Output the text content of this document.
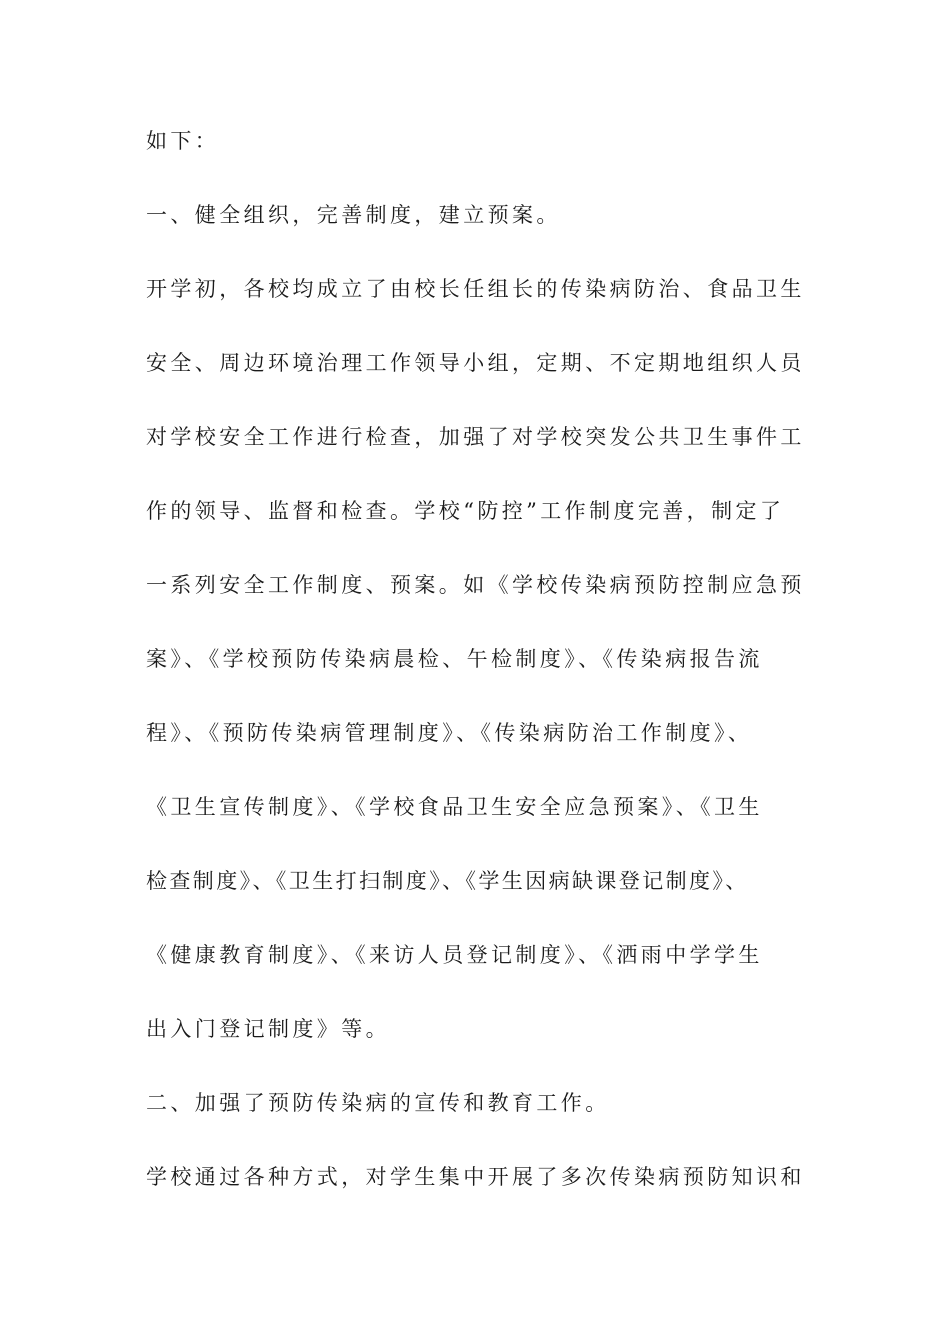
如下：
一、健全组织，完善制度，建立预案。
开学初，各校均成立了由校长任组长的传染病防治、食品卫生
安全、周边环境治理工作领导小组，定期、不定期地组织人员
对学校安全工作进行检查，加强了对学校突发公共卫生事件工
作的领导、监督和检查。学校“防控”工作制度完善，制定了
一系列安全工作制度、预案。如《学校传染病预防控制应急预
案》、《学校预防传染病晨检、午检制度》、《传染病报告流
程》、《预防传染病管理制度》、《传染病防治工作制度》、
《卫生宣传制度》、《学校食品卫生安全应急预案》、《卫生
检查制度》、《卫生打扫制度》、《学生因病缺课登记制度》、
《健康教育制度》、《来访人员登记制度》、《洒雨中学学生
出入门登记制度》等。
二、加强了预防传染病的宣传和教育工作。
学校通过各种方式，对学生集中开展了多次传染病预防知识和
